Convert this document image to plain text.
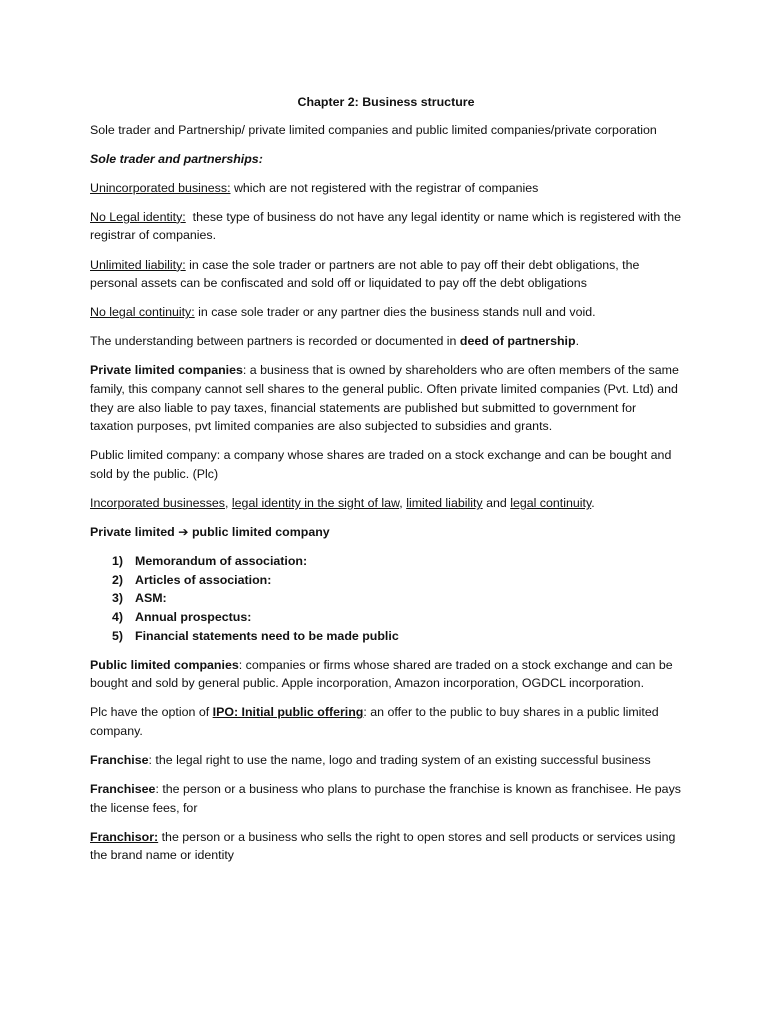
Chapter 2: Business structure

Sole trader and Partnership/ private limited companies and public limited companies/private corporation

Sole trader and partnerships:

Unincorporated business: which are not registered with the registrar of companies

No Legal identity:  these type of business do not have any legal identity or name which is registered with the registrar of companies.

Unlimited liability: in case the sole trader or partners are not able to pay off their debt obligations, the personal assets can be confiscated and sold off or liquidated to pay off the debt obligations

No legal continuity: in case sole trader or any partner dies the business stands null and void.

The understanding between partners is recorded or documented in deed of partnership.

Private limited companies: a business that is owned by shareholders who are often members of the same family, this company cannot sell shares to the general public. Often private limited companies (Pvt. Ltd) and they are also liable to pay taxes, financial statements are published but submitted to government for taxation purposes, pvt limited companies are also subjected to subsidies and grants.

Public limited company: a company whose shares are traded on a stock exchange and can be bought and sold by the public. (Plc)

Incorporated businesses, legal identity in the sight of law, limited liability and legal continuity.

Private limited ➔ public limited company

1) Memorandum of association:
2) Articles of association:
3) ASM:
4) Annual prospectus:
5) Financial statements need to be made public

Public limited companies: companies or firms whose shared are traded on a stock exchange and can be bought and sold by general public. Apple incorporation, Amazon incorporation, OGDCL incorporation.

Plc have the option of IPO: Initial public offering: an offer to the public to buy shares in a public limited company.

Franchise: the legal right to use the name, logo and trading system of an existing successful business

Franchisee: the person or a business who plans to purchase the franchise is known as franchisee. He pays the license fees, for

Franchisor: the person or a business who sells the right to open stores and sell products or services using the brand name or identity
